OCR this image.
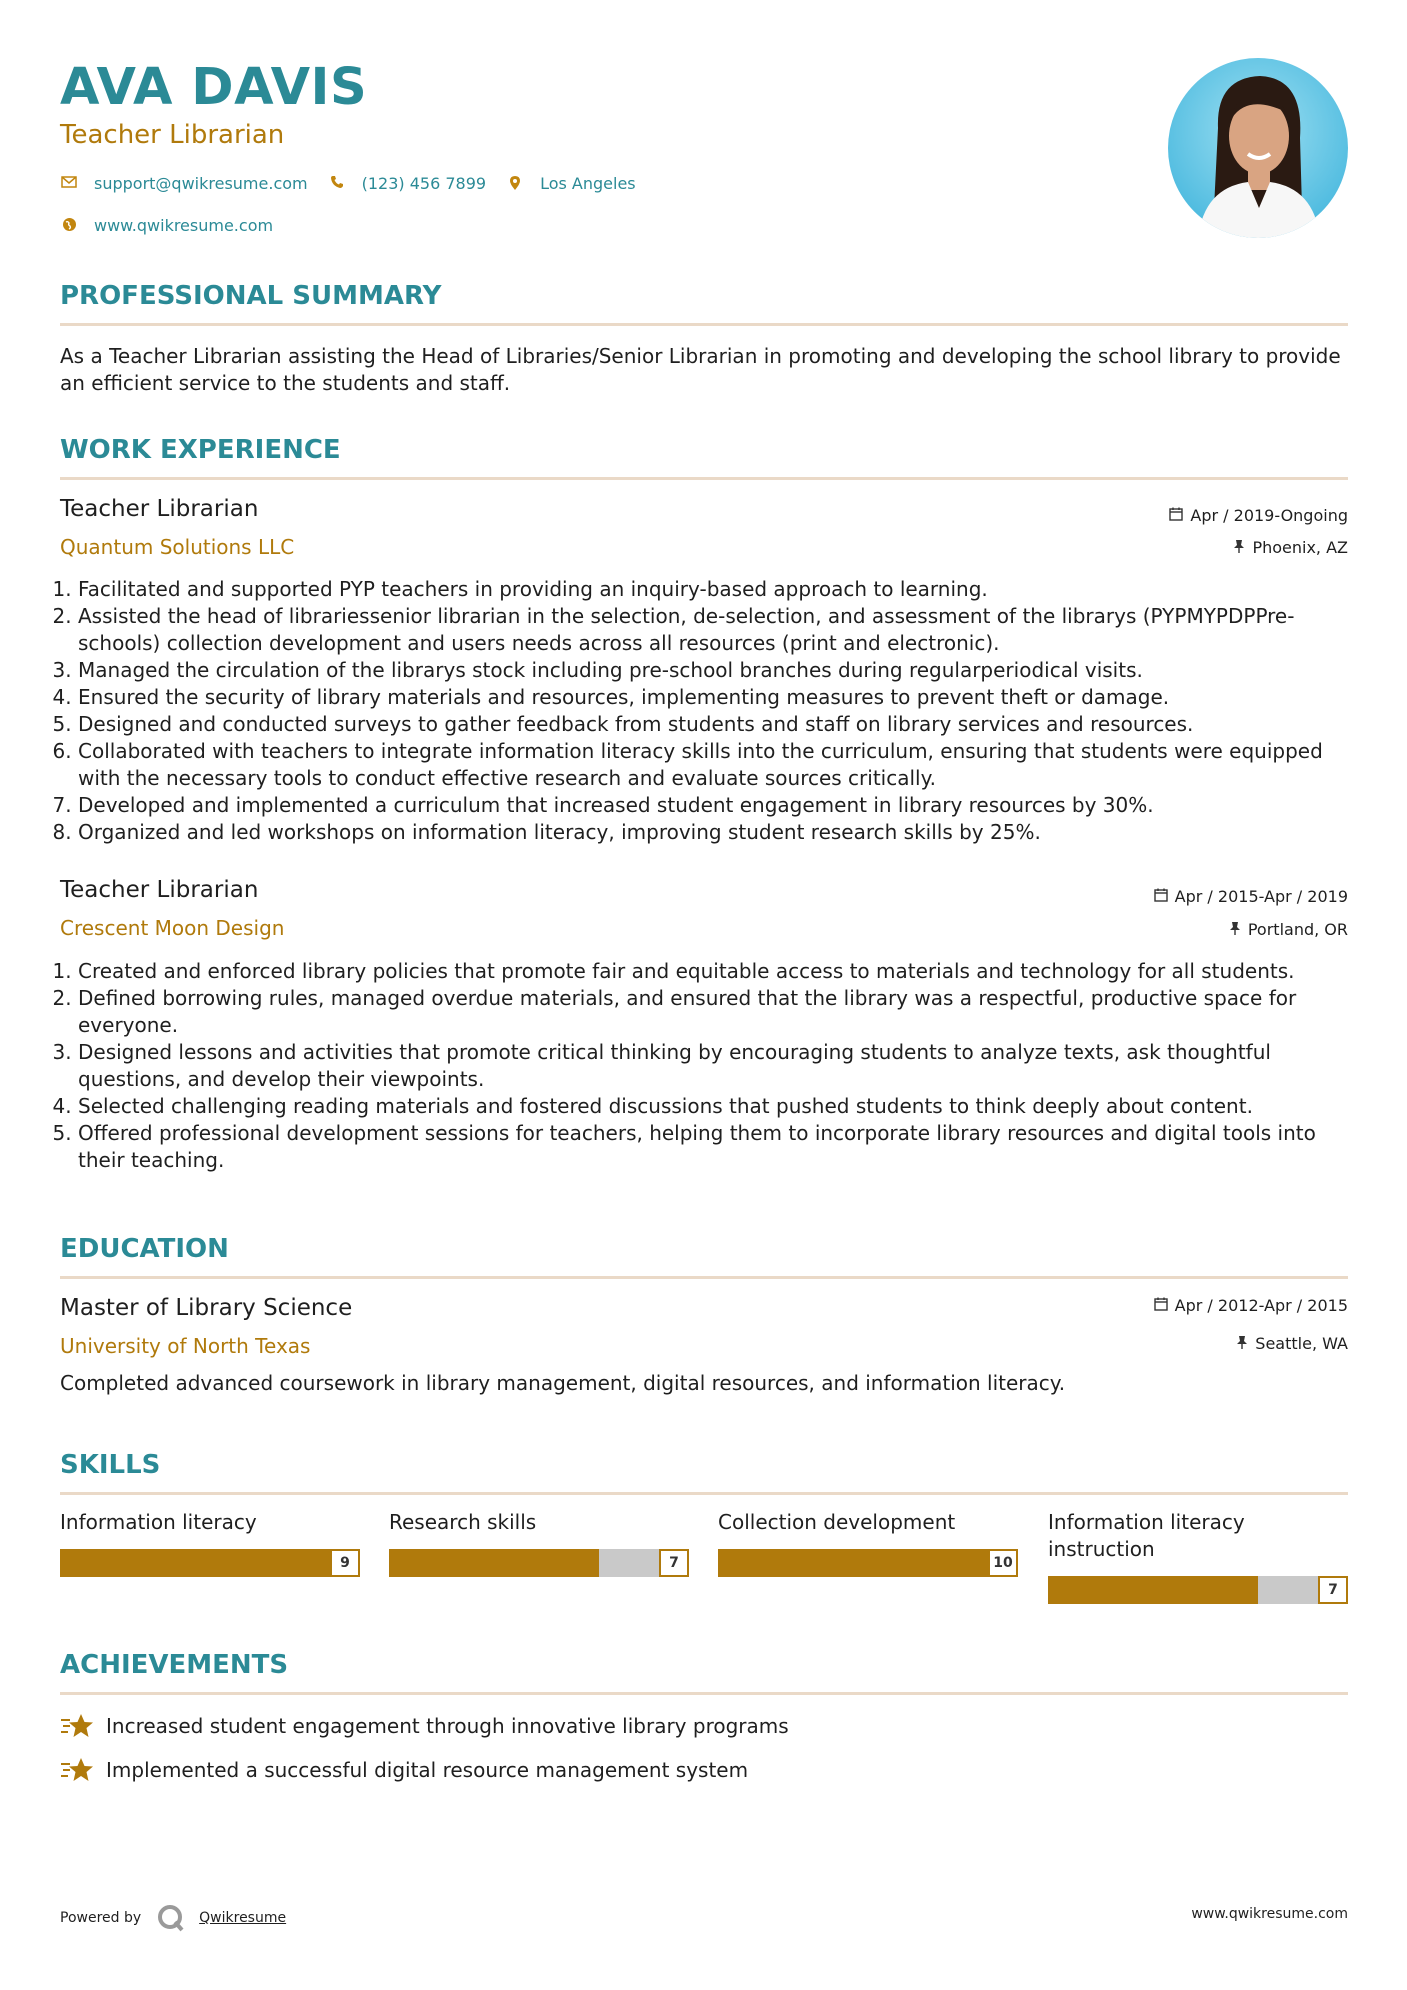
AVA DAVIS
Teacher Librarian
support@qwikresume.com	(123) 456 7899	Los Angeles
www.qwikresume.com
PROFESSIONAL SUMMARY
As a Teacher Librarian assisting the Head of Libraries/Senior Librarian in promoting and developing the school library to provide an efficient service to the students and staff.
WORK EXPERIENCE
Teacher Librarian
Quantum Solutions LLC
Apr / 2019-Ongoing
Phoenix, AZ
1. Facilitated and supported PYP teachers in providing an inquiry-based approach to learning.
2. Assisted the head of librariessenior librarian in the selection, de-selection, and assessment of the librarys (PYPMYPDPPre-schools) collection development and users needs across all resources (print and electronic).
3. Managed the circulation of the librarys stock including pre-school branches during regularperiodical visits.
4. Ensured the security of library materials and resources, implementing measures to prevent theft or damage.
5. Designed and conducted surveys to gather feedback from students and staff on library services and resources.
6. Collaborated with teachers to integrate information literacy skills into the curriculum, ensuring that students were equipped with the necessary tools to conduct effective research and evaluate sources critically.
7. Developed and implemented a curriculum that increased student engagement in library resources by 30%.
8. Organized and led workshops on information literacy, improving student research skills by 25%.
Teacher Librarian
Crescent Moon Design
Apr / 2015-Apr / 2019
Portland, OR
1. Created and enforced library policies that promote fair and equitable access to materials and technology for all students.
2. Defined borrowing rules, managed overdue materials, and ensured that the library was a respectful, productive space for everyone.
3. Designed lessons and activities that promote critical thinking by encouraging students to analyze texts, ask thoughtful questions, and develop their viewpoints.
4. Selected challenging reading materials and fostered discussions that pushed students to think deeply about content.
5. Offered professional development sessions for teachers, helping them to incorporate library resources and digital tools into their teaching.
EDUCATION
Master of Library Science
University of North Texas
Apr / 2012-Apr / 2015
Seattle, WA
Completed advanced coursework in library management, digital resources, and information literacy.
SKILLS
Information literacy
9
Research skills
7
Collection development
10
Information literacy instruction
7
ACHIEVEMENTS
Increased student engagement through innovative library programs
Implemented a successful digital resource management system
Powered by	Qwikresume	www.qwikresume.com
